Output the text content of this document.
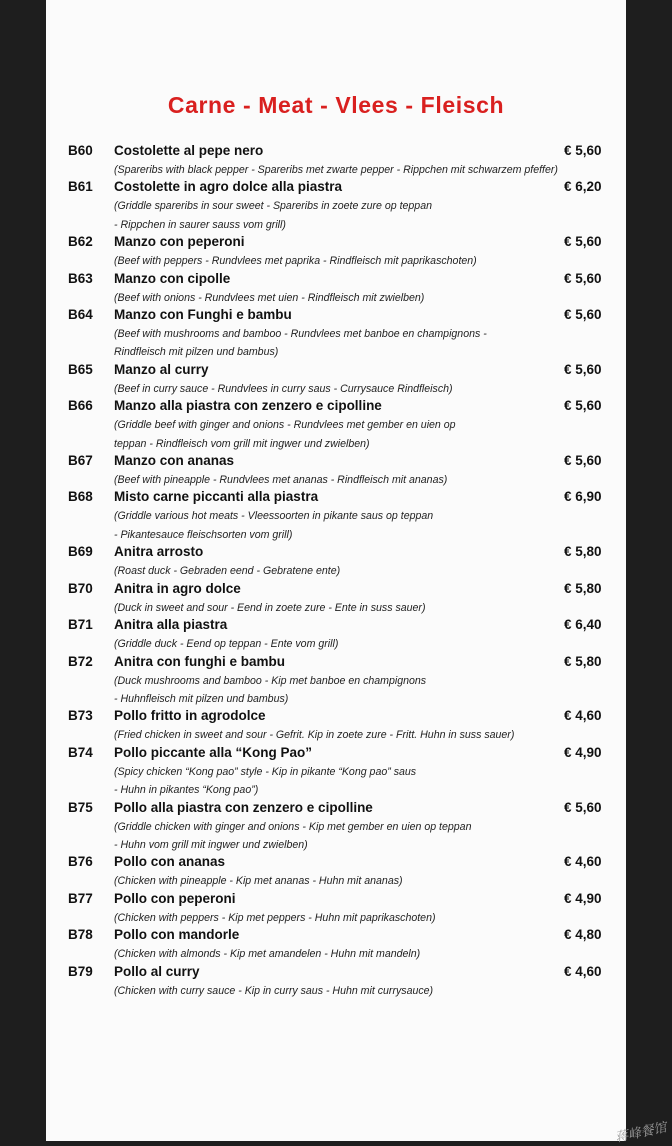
Carne - Meat - Vlees - Fleisch
B60 Costolette al pepe nero	€ 5,60
(Spareribs with black pepper - Spareribs met zwarte pepper - Rippchen mit schwarzem pfeffer)
B61 Costolette in agro dolce alla piastra	€ 6,20
(Griddle spareribs in sour sweet - Spareribs in zoete zure op teppan
- Rippchen in saurer sauss vom grill)
B62 Manzo con peperoni	€ 5,60
(Beef with peppers - Rundvlees met paprika - Rindfleisch mit paprikaschoten)
B63 Manzo con cipolle	€ 5,60
(Beef with onions - Rundvlees met uien - Rindfleisch mit zwielben)
B64 Manzo con Funghi e bambu	€ 5,60
(Beef with mushrooms and bamboo - Rundvlees met banboe en champignons -
Rindfleisch mit pilzen und bambus)
B65 Manzo al curry	€ 5,60
(Beef in curry sauce - Rundvlees in curry saus - Currysauce Rindfleisch)
B66 Manzo alla piastra con zenzero e cipolline	€ 5,60
(Griddle beef with ginger and onions - Rundvlees met gember en uien op
teppan - Rindfleisch vom grill mit ingwer und zwielben)
B67 Manzo con ananas	€ 5,60
(Beef with pineapple - Rundvlees met ananas - Rindfleisch mit ananas)
B68 Misto carne piccanti alla piastra	€ 6,90
(Griddle various hot meats - Vleessoorten in pikante saus op teppan
- Pikantesauce fleischsorten vom grill)
B69 Anitra arrosto	€ 5,80
(Roast duck - Gebraden eend - Gebratene ente)
B70 Anitra in agro dolce	€ 5,80
(Duck in sweet and sour - Eend in zoete zure - Ente in suss sauer)
B71 Anitra alla piastra	€ 6,40
(Griddle duck - Eend op teppan - Ente vom grill)
B72 Anitra con funghi e bambu	€ 5,80
(Duck mushrooms and bamboo - Kip met banboe en champignons
- Huhnfleisch mit pilzen und bambus)
B73 Pollo fritto in agrodolce	€ 4,60
(Fried chicken in sweet and sour - Gefrit. Kip in zoete zure - Fritt. Huhn in suss sauer)
B74 Pollo piccante alla “Kong Pao”	€ 4,90
(Spicy chicken “Kong pao” style - Kip in pikante “Kong pao” saus
- Huhn in pikantes “Kong pao”)
B75 Pollo alla piastra con zenzero e cipolline	€ 5,60
(Griddle chicken with ginger and onions - Kip met gember en uien op teppan
- Huhn vom grill mit ingwer und zwielben)
B76 Pollo con ananas	€ 4,60
(Chicken with pineapple - Kip met ananas - Huhn mit ananas)
B77 Pollo con peperoni	€ 4,90
(Chicken with peppers - Kip met peppers - Huhn mit paprikaschoten)
B78 Pollo con mandorle	€ 4,80
(Chicken with almonds - Kip met amandelen - Huhn mit mandeln)
B79 Pollo al curry	€ 4,60
(Chicken with curry sauce - Kip in curry saus - Huhn mit currysauce)
蒋峰餐馆
